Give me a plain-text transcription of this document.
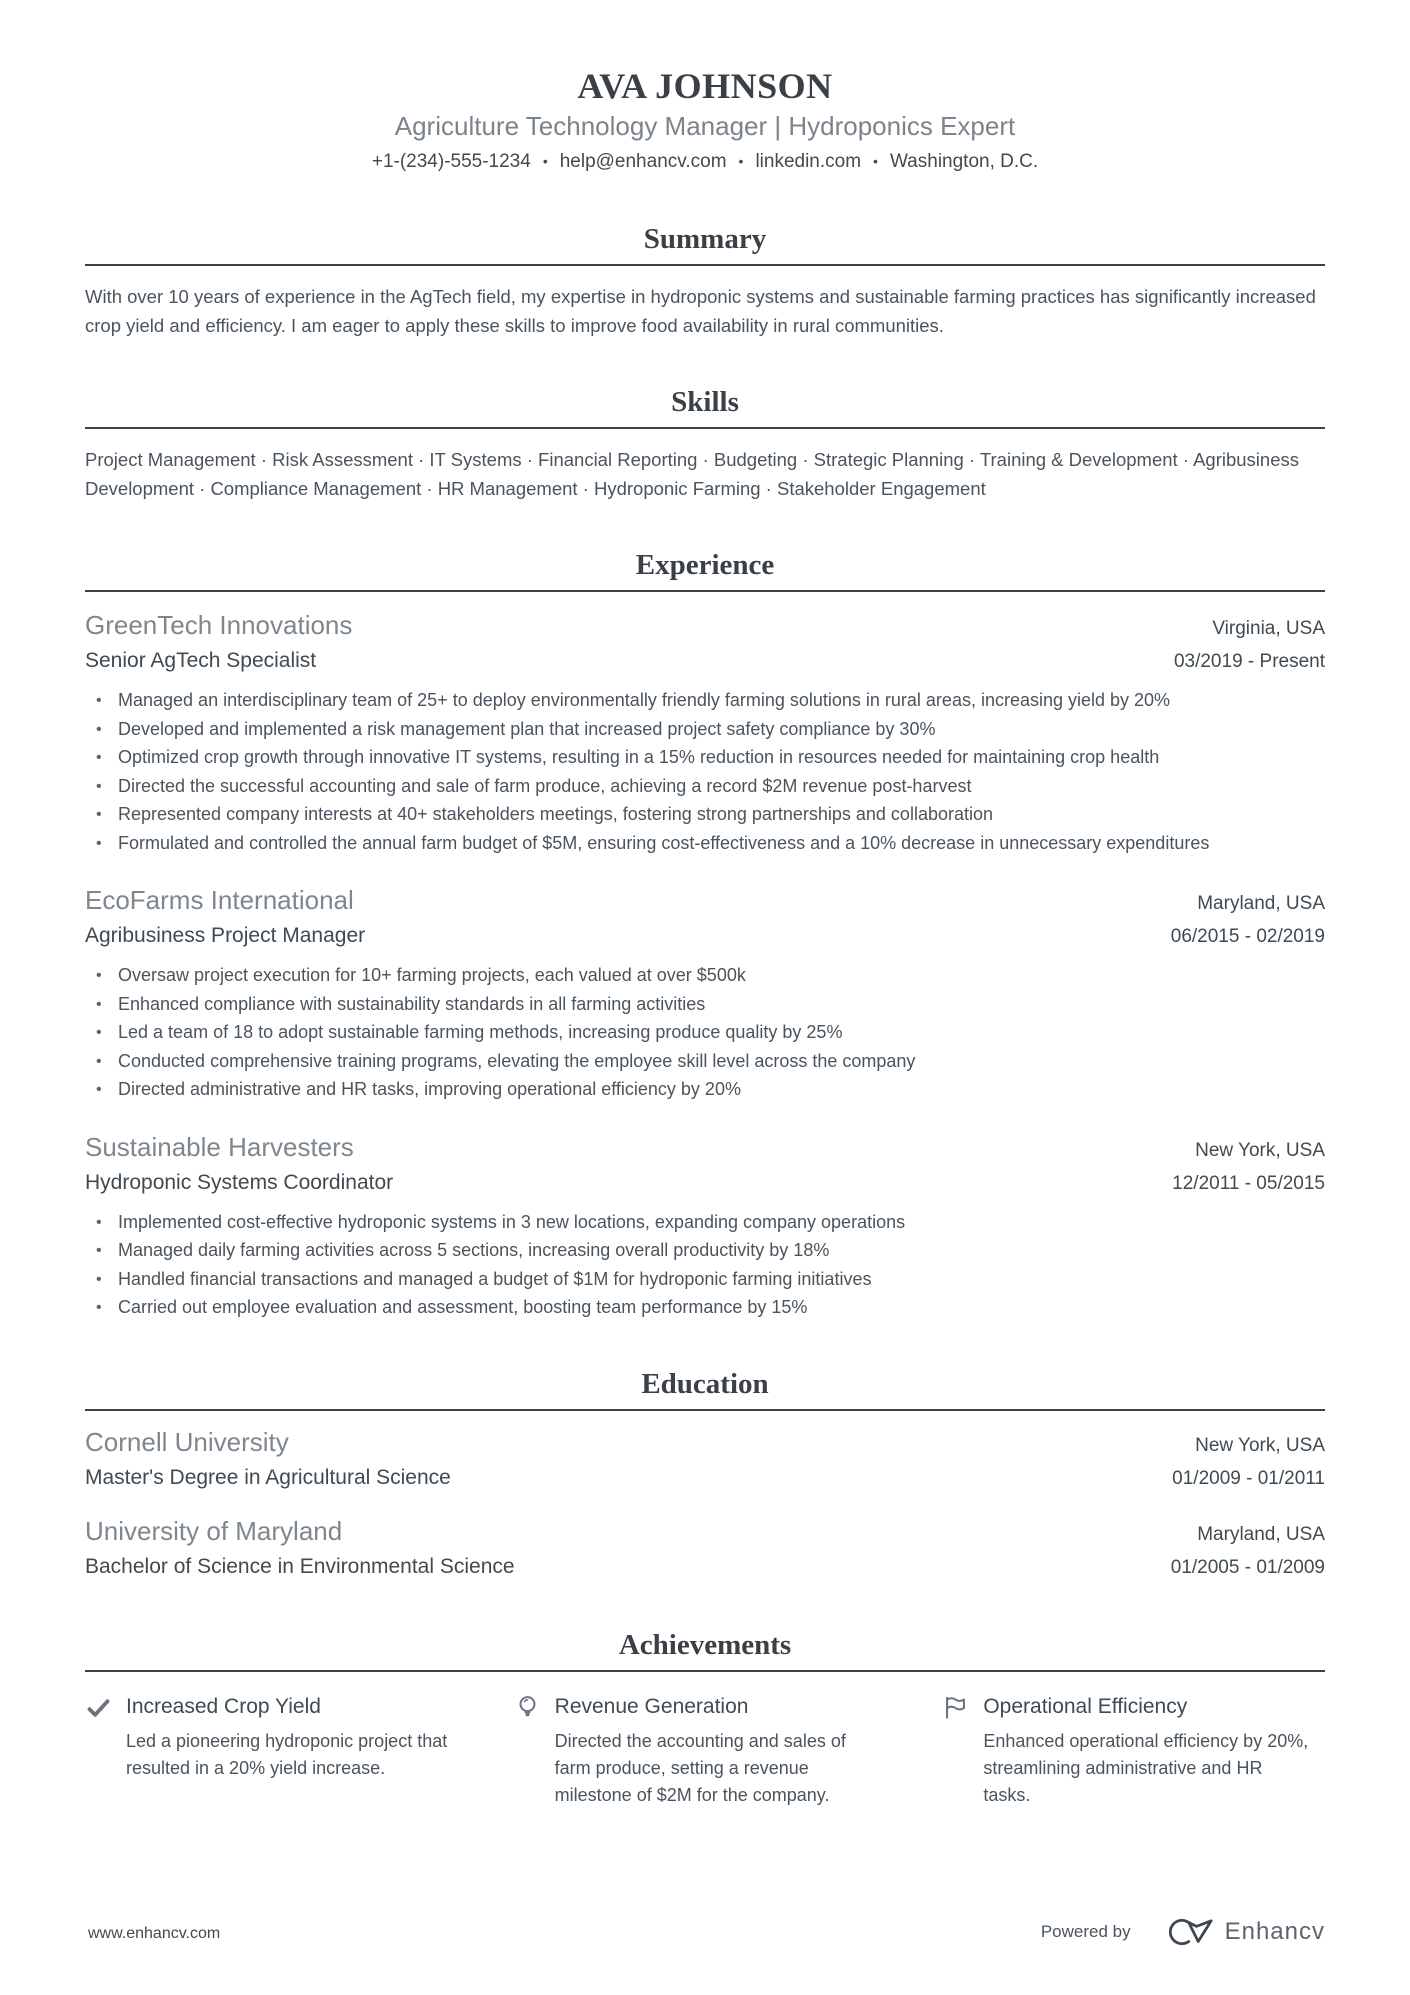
AVA JOHNSON
Agriculture Technology Manager | Hydroponics Expert
+1-(234)-555-1234 • help@enhancv.com • linkedin.com • Washington, D.C.
Summary

With over 10 years of experience in the AgTech field, my expertise in hydroponic systems and sustainable farming practices has significantly increased crop yield and efficiency. I am eager to apply these skills to improve food availability in rural communities.

Skills

Project Management · Risk Assessment · IT Systems · Financial Reporting · Budgeting · Strategic Planning · Training & Development · Agribusiness Development · Compliance Management · HR Management · Hydroponic Farming · Stakeholder Engagement

Experience
GreenTech Innovations	Virginia, USA
Senior AgTech Specialist	03/2019 - Present
• Managed an interdisciplinary team of 25+ to deploy environmentally friendly farming solutions in rural areas, increasing yield by 20%
• Developed and implemented a risk management plan that increased project safety compliance by 30%
• Optimized crop growth through innovative IT systems, resulting in a 15% reduction in resources needed for maintaining crop health
• Directed the successful accounting and sale of farm produce, achieving a record $2M revenue post-harvest
• Represented company interests at 40+ stakeholders meetings, fostering strong partnerships and collaboration
• Formulated and controlled the annual farm budget of $5M, ensuring cost-effectiveness and a 10% decrease in unnecessary expenditures
EcoFarms International	Maryland, USA
Agribusiness Project Manager	06/2015 - 02/2019
• Oversaw project execution for 10+ farming projects, each valued at over $500k
• Enhanced compliance with sustainability standards in all farming activities
• Led a team of 18 to adopt sustainable farming methods, increasing produce quality by 25%
• Conducted comprehensive training programs, elevating the employee skill level across the company
• Directed administrative and HR tasks, improving operational efficiency by 20%
Sustainable Harvesters	New York, USA
Hydroponic Systems Coordinator	12/2011 - 05/2015
• Implemented cost-effective hydroponic systems in 3 new locations, expanding company operations
• Managed daily farming activities across 5 sections, increasing overall productivity by 18%
• Handled financial transactions and managed a budget of $1M for hydroponic farming initiatives
• Carried out employee evaluation and assessment, boosting team performance by 15%
Education
Cornell University	New York, USA
Master's Degree in Agricultural Science	01/2009 - 01/2011
University of Maryland	Maryland, USA
Bachelor of Science in Environmental Science	01/2005 - 01/2009
Achievements
Increased Crop Yield

Led a pioneering hydroponic project that resulted in a 20% yield increase.

Revenue Generation

Directed the accounting and sales of farm produce, setting a revenue milestone of $2M for the company.

Operational Efficiency

Enhanced operational efficiency by 20%, streamlining administrative and HR tasks.

www.enhancv.com	Powered by	Enhancv
